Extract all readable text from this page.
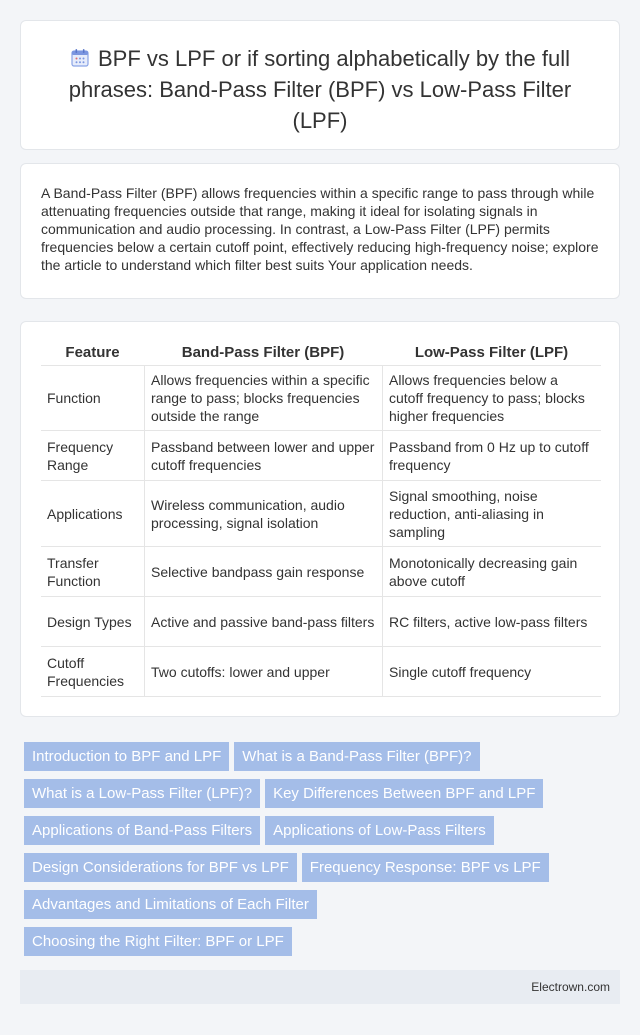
BPF vs LPF or if sorting alphabetically by the full phrases: Band-Pass Filter (BPF) vs Low-Pass Filter (LPF)

A Band-Pass Filter (BPF) allows frequencies within a specific range to pass through while attenuating frequencies outside that range, making it ideal for isolating signals in communication and audio processing. In contrast, a Low-Pass Filter (LPF) permits frequencies below a certain cutoff point, effectively reducing high-frequency noise; explore the article to understand which filter best suits Your application needs.

Feature	Band-Pass Filter (BPF)	Low-Pass Filter (LPF)
Function	Allows frequencies within a specific range to pass; blocks frequencies outside the range	Allows frequencies below a cutoff frequency to pass; blocks higher frequencies
Frequency Range	Passband between lower and upper cutoff frequencies	Passband from 0 Hz up to cutoff frequency
Applications	Wireless communication, audio processing, signal isolation	Signal smoothing, noise reduction, anti-aliasing in sampling
Transfer Function	Selective bandpass gain response	Monotonically decreasing gain above cutoff
Design Types	Active and passive band-pass filters	RC filters, active low-pass filters
Cutoff Frequencies	Two cutoffs: lower and upper	Single cutoff frequency
Introduction to BPF and LPF What is a Band-Pass Filter (BPF)?
What is a Low-Pass Filter (LPF)? Key Differences Between BPF and LPF
Applications of Band-Pass Filters Applications of Low-Pass Filters
Design Considerations for BPF vs LPF Frequency Response: BPF vs LPF
Advantages and Limitations of Each Filter
Choosing the Right Filter: BPF or LPF
Electrown.com
